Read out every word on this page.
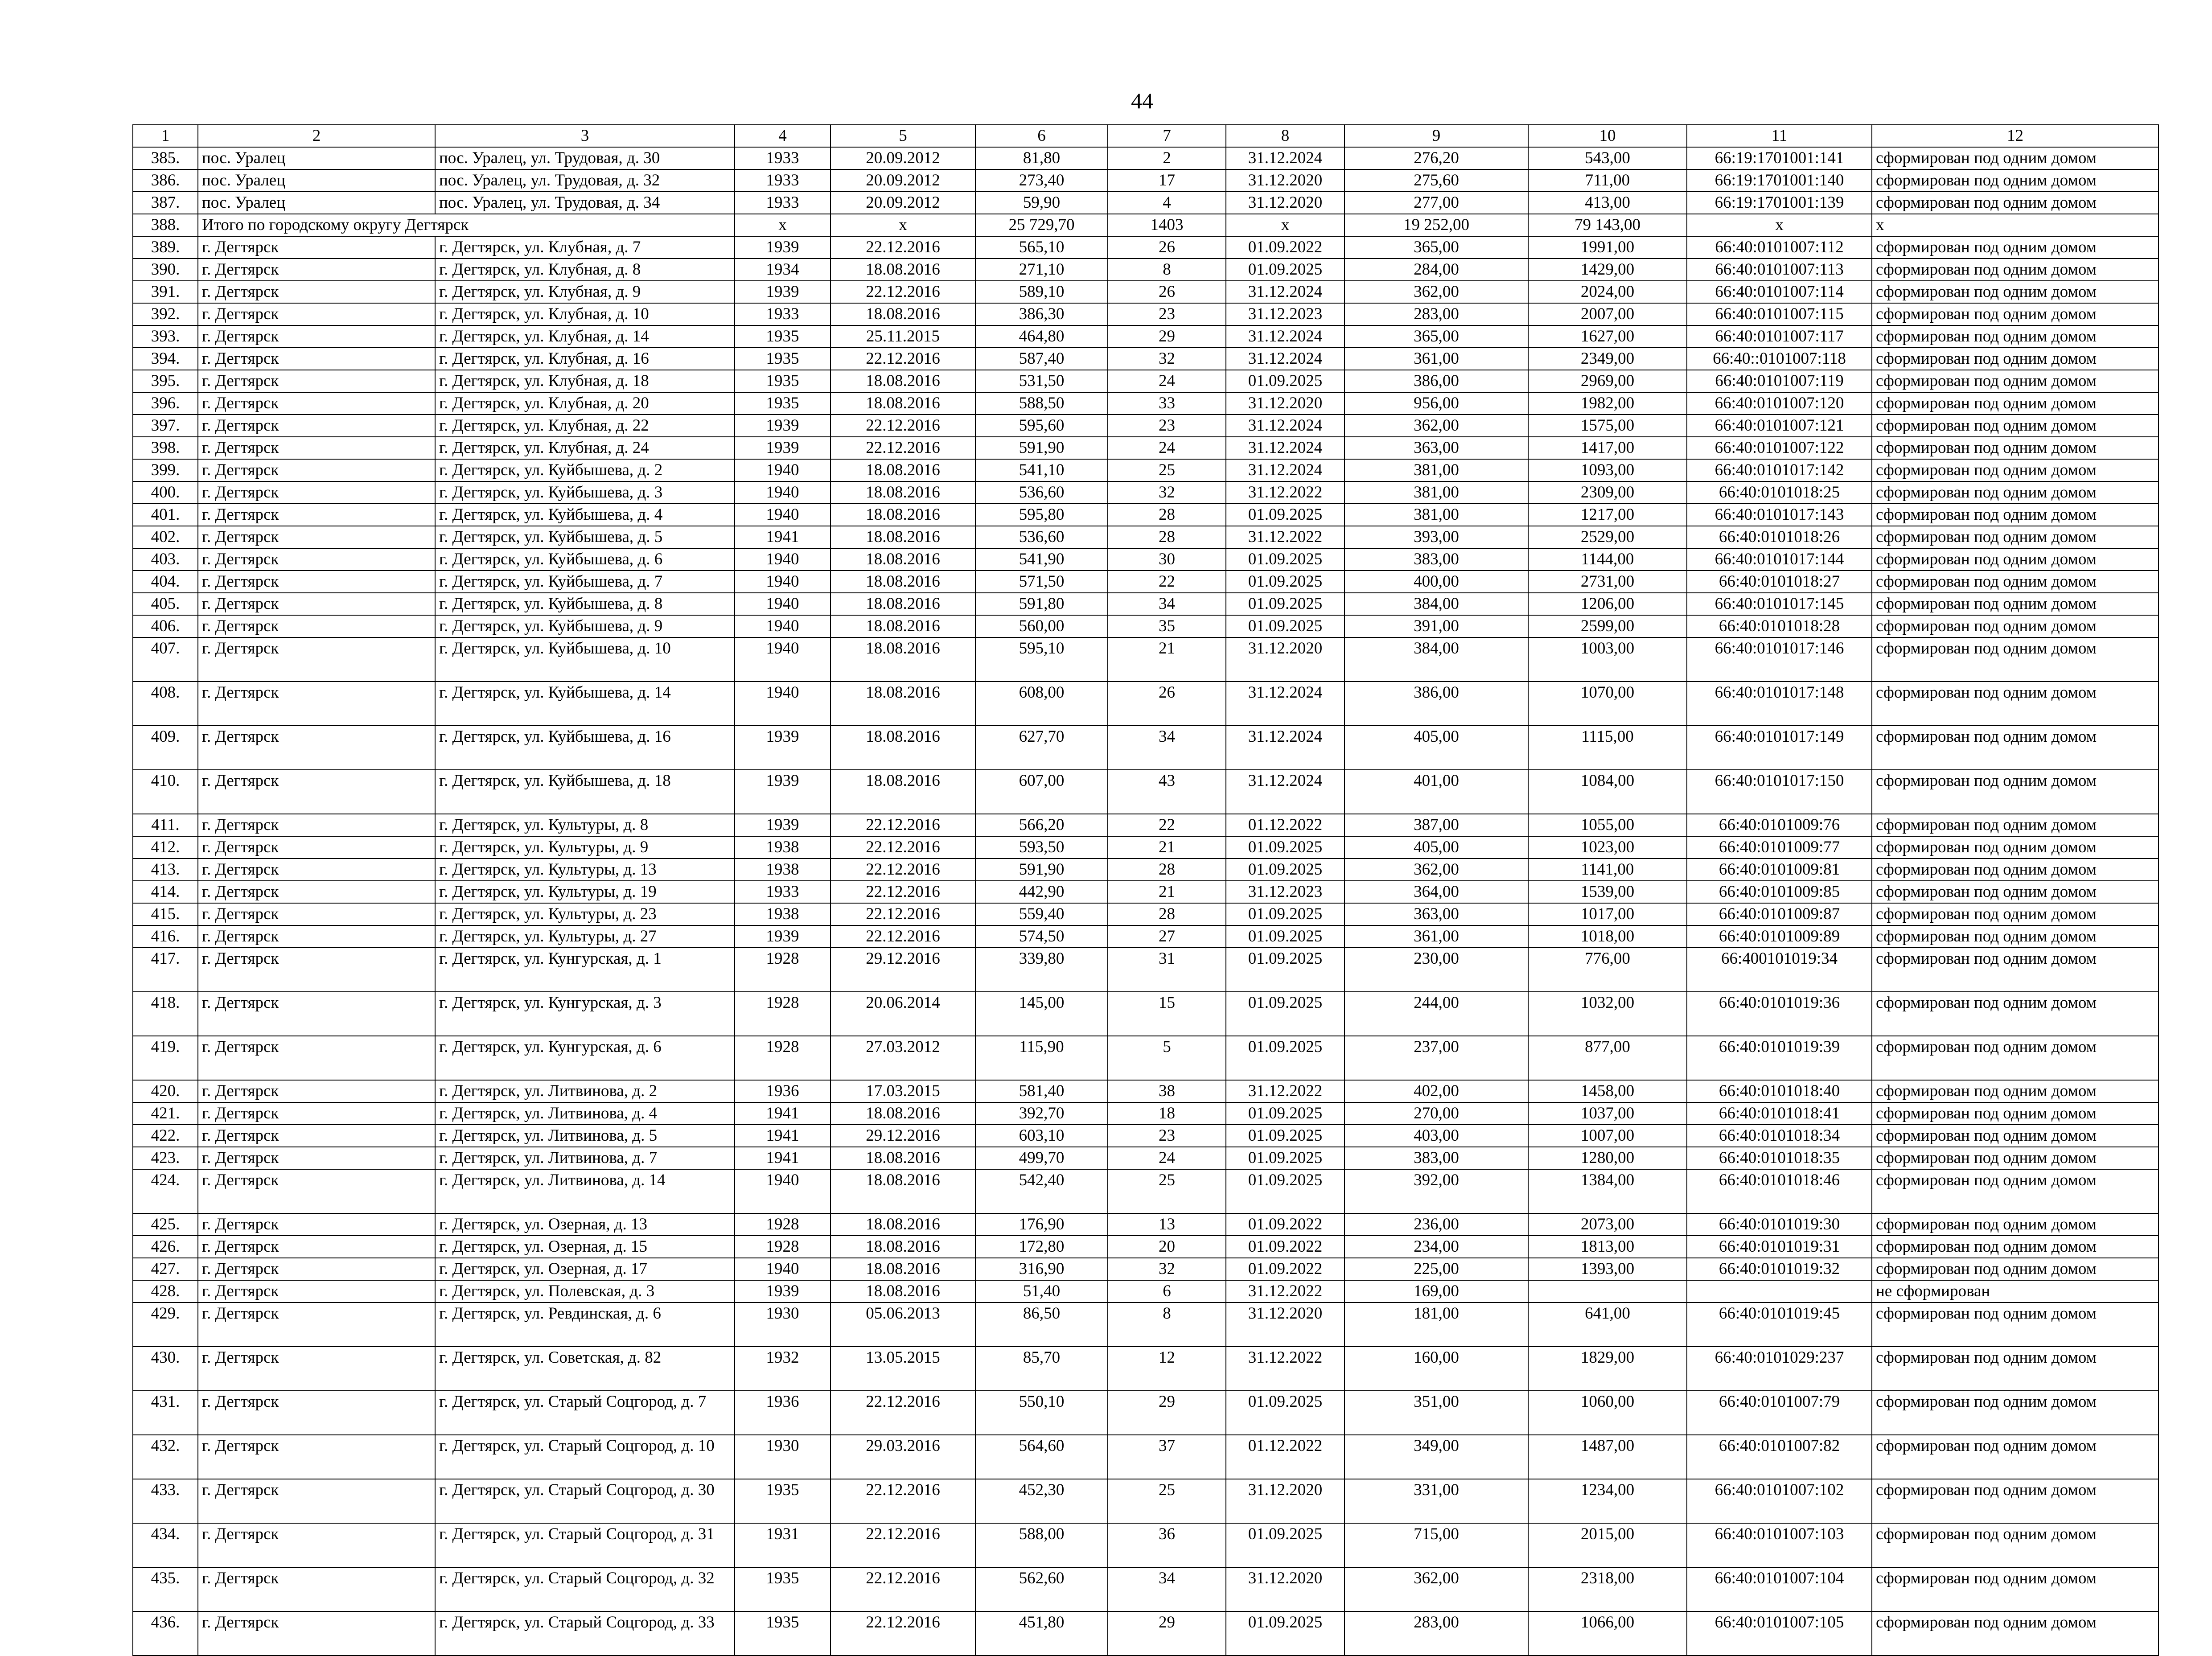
44
1	2	3	4	5	6	7	8	9	10	11	12
385.	пос. Уралец	пос. Уралец, ул. Трудовая, д. 30	1933	20.09.2012	81,80	2	31.12.2024	276,20	543,00	66:19:1701001:141	сформирован под одним домом
386.	пос. Уралец	пос. Уралец, ул. Трудовая, д. 32	1933	20.09.2012	273,40	17	31.12.2020	275,60	711,00	66:19:1701001:140	сформирован под одним домом
387.	пос. Уралец	пос. Уралец, ул. Трудовая, д. 34	1933	20.09.2012	59,90	4	31.12.2020	277,00	413,00	66:19:1701001:139	сформирован под одним домом
388.	Итого по городскому округу Дегтярск		x	x	25 729,70	1403	x	19 252,00	79 143,00	x	x
389.	г. Дегтярск	г. Дегтярск, ул. Клубная, д. 7	1939	22.12.2016	565,10	26	01.09.2022	365,00	1991,00	66:40:0101007:112	сформирован под одним домом
390.	г. Дегтярск	г. Дегтярск, ул. Клубная, д. 8	1934	18.08.2016	271,10	8	01.09.2025	284,00	1429,00	66:40:0101007:113	сформирован под одним домом
391.	г. Дегтярск	г. Дегтярск, ул. Клубная, д. 9	1939	22.12.2016	589,10	26	31.12.2024	362,00	2024,00	66:40:0101007:114	сформирован под одним домом
392.	г. Дегтярск	г. Дегтярск, ул. Клубная, д. 10	1933	18.08.2016	386,30	23	31.12.2023	283,00	2007,00	66:40:0101007:115	сформирован под одним домом
393.	г. Дегтярск	г. Дегтярск, ул. Клубная, д. 14	1935	25.11.2015	464,80	29	31.12.2024	365,00	1627,00	66:40:0101007:117	сформирован под одним домом
394.	г. Дегтярск	г. Дегтярск, ул. Клубная, д. 16	1935	22.12.2016	587,40	32	31.12.2024	361,00	2349,00	66:40::0101007:118	сформирован под одним домом
395.	г. Дегтярск	г. Дегтярск, ул. Клубная, д. 18	1935	18.08.2016	531,50	24	01.09.2025	386,00	2969,00	66:40:0101007:119	сформирован под одним домом
396.	г. Дегтярск	г. Дегтярск, ул. Клубная, д. 20	1935	18.08.2016	588,50	33	31.12.2020	956,00	1982,00	66:40:0101007:120	сформирован под одним домом
397.	г. Дегтярск	г. Дегтярск, ул. Клубная, д. 22	1939	22.12.2016	595,60	23	31.12.2024	362,00	1575,00	66:40:0101007:121	сформирован под одним домом
398.	г. Дегтярск	г. Дегтярск, ул. Клубная, д. 24	1939	22.12.2016	591,90	24	31.12.2024	363,00	1417,00	66:40:0101007:122	сформирован под одним домом
399.	г. Дегтярск	г. Дегтярск, ул. Куйбышева, д. 2	1940	18.08.2016	541,10	25	31.12.2024	381,00	1093,00	66:40:0101017:142	сформирован под одним домом
400.	г. Дегтярск	г. Дегтярск, ул. Куйбышева, д. 3	1940	18.08.2016	536,60	32	31.12.2022	381,00	2309,00	66:40:0101018:25	сформирован под одним домом
401.	г. Дегтярск	г. Дегтярск, ул. Куйбышева, д. 4	1940	18.08.2016	595,80	28	01.09.2025	381,00	1217,00	66:40:0101017:143	сформирован под одним домом
402.	г. Дегтярск	г. Дегтярск, ул. Куйбышева, д. 5	1941	18.08.2016	536,60	28	31.12.2022	393,00	2529,00	66:40:0101018:26	сформирован под одним домом
403.	г. Дегтярск	г. Дегтярск, ул. Куйбышева, д. 6	1940	18.08.2016	541,90	30	01.09.2025	383,00	1144,00	66:40:0101017:144	сформирован под одним домом
404.	г. Дегтярск	г. Дегтярск, ул. Куйбышева, д. 7	1940	18.08.2016	571,50	22	01.09.2025	400,00	2731,00	66:40:0101018:27	сформирован под одним домом
405.	г. Дегтярск	г. Дегтярск, ул. Куйбышева, д. 8	1940	18.08.2016	591,80	34	01.09.2025	384,00	1206,00	66:40:0101017:145	сформирован под одним домом
406.	г. Дегтярск	г. Дегтярск, ул. Куйбышева, д. 9	1940	18.08.2016	560,00	35	01.09.2025	391,00	2599,00	66:40:0101018:28	сформирован под одним домом
407.	г. Дегтярск	г. Дегтярск, ул. Куйбышева, д. 10	1940	18.08.2016	595,10	21	31.12.2020	384,00	1003,00	66:40:0101017:146	сформирован под одним домом
408.	г. Дегтярск	г. Дегтярск, ул. Куйбышева, д. 14	1940	18.08.2016	608,00	26	31.12.2024	386,00	1070,00	66:40:0101017:148	сформирован под одним домом
409.	г. Дегтярск	г. Дегтярск, ул. Куйбышева, д. 16	1939	18.08.2016	627,70	34	31.12.2024	405,00	1115,00	66:40:0101017:149	сформирован под одним домом
410.	г. Дегтярск	г. Дегтярск, ул. Куйбышева, д. 18	1939	18.08.2016	607,00	43	31.12.2024	401,00	1084,00	66:40:0101017:150	сформирован под одним домом
411.	г. Дегтярск	г. Дегтярск, ул. Культуры, д. 8	1939	22.12.2016	566,20	22	01.12.2022	387,00	1055,00	66:40:0101009:76	сформирован под одним домом
412.	г. Дегтярск	г. Дегтярск, ул. Культуры, д. 9	1938	22.12.2016	593,50	21	01.09.2025	405,00	1023,00	66:40:0101009:77	сформирован под одним домом
413.	г. Дегтярск	г. Дегтярск, ул. Культуры, д. 13	1938	22.12.2016	591,90	28	01.09.2025	362,00	1141,00	66:40:0101009:81	сформирован под одним домом
414.	г. Дегтярск	г. Дегтярск, ул. Культуры, д. 19	1933	22.12.2016	442,90	21	31.12.2023	364,00	1539,00	66:40:0101009:85	сформирован под одним домом
415.	г. Дегтярск	г. Дегтярск, ул. Культуры, д. 23	1938	22.12.2016	559,40	28	01.09.2025	363,00	1017,00	66:40:0101009:87	сформирован под одним домом
416.	г. Дегтярск	г. Дегтярск, ул. Культуры, д. 27	1939	22.12.2016	574,50	27	01.09.2025	361,00	1018,00	66:40:0101009:89	сформирован под одним домом
417.	г. Дегтярск	г. Дегтярск, ул. Кунгурская, д. 1	1928	29.12.2016	339,80	31	01.09.2025	230,00	776,00	66:400101019:34	сформирован под одним домом
418.	г. Дегтярск	г. Дегтярск, ул. Кунгурская, д. 3	1928	20.06.2014	145,00	15	01.09.2025	244,00	1032,00	66:40:0101019:36	сформирован под одним домом
419.	г. Дегтярск	г. Дегтярск, ул. Кунгурская, д. 6	1928	27.03.2012	115,90	5	01.09.2025	237,00	877,00	66:40:0101019:39	сформирован под одним домом
420.	г. Дегтярск	г. Дегтярск, ул. Литвинова, д. 2	1936	17.03.2015	581,40	38	31.12.2022	402,00	1458,00	66:40:0101018:40	сформирован под одним домом
421.	г. Дегтярск	г. Дегтярск, ул. Литвинова, д. 4	1941	18.08.2016	392,70	18	01.09.2025	270,00	1037,00	66:40:0101018:41	сформирован под одним домом
422.	г. Дегтярск	г. Дегтярск, ул. Литвинова, д. 5	1941	29.12.2016	603,10	23	01.09.2025	403,00	1007,00	66:40:0101018:34	сформирован под одним домом
423.	г. Дегтярск	г. Дегтярск, ул. Литвинова, д. 7	1941	18.08.2016	499,70	24	01.09.2025	383,00	1280,00	66:40:0101018:35	сформирован под одним домом
424.	г. Дегтярск	г. Дегтярск, ул. Литвинова, д. 14	1940	18.08.2016	542,40	25	01.09.2025	392,00	1384,00	66:40:0101018:46	сформирован под одним домом
425.	г. Дегтярск	г. Дегтярск, ул. Озерная, д. 13	1928	18.08.2016	176,90	13	01.09.2022	236,00	2073,00	66:40:0101019:30	сформирован под одним домом
426.	г. Дегтярск	г. Дегтярск, ул. Озерная, д. 15	1928	18.08.2016	172,80	20	01.09.2022	234,00	1813,00	66:40:0101019:31	сформирован под одним домом
427.	г. Дегтярск	г. Дегтярск, ул. Озерная, д. 17	1940	18.08.2016	316,90	32	01.09.2022	225,00	1393,00	66:40:0101019:32	сформирован под одним домом
428.	г. Дегтярск	г. Дегтярск, ул. Полевская, д. 3	1939	18.08.2016	51,40	6	31.12.2022	169,00			не сформирован
429.	г. Дегтярск	г. Дегтярск, ул. Ревдинская, д. 6	1930	05.06.2013	86,50	8	31.12.2020	181,00	641,00	66:40:0101019:45	сформирован под одним домом
430.	г. Дегтярск	г. Дегтярск, ул. Советская, д. 82	1932	13.05.2015	85,70	12	31.12.2022	160,00	1829,00	66:40:0101029:237	сформирован под одним домом
431.	г. Дегтярск	г. Дегтярск, ул. Старый Соцгород, д. 7	1936	22.12.2016	550,10	29	01.09.2025	351,00	1060,00	66:40:0101007:79	сформирован под одним домом
432.	г. Дегтярск	г. Дегтярск, ул. Старый Соцгород, д. 10	1930	29.03.2016	564,60	37	01.12.2022	349,00	1487,00	66:40:0101007:82	сформирован под одним домом
433.	г. Дегтярск	г. Дегтярск, ул. Старый Соцгород, д. 30	1935	22.12.2016	452,30	25	31.12.2020	331,00	1234,00	66:40:0101007:102	сформирован под одним домом
434.	г. Дегтярск	г. Дегтярск, ул. Старый Соцгород, д. 31	1931	22.12.2016	588,00	36	01.09.2025	715,00	2015,00	66:40:0101007:103	сформирован под одним домом
435.	г. Дегтярск	г. Дегтярск, ул. Старый Соцгород, д. 32	1935	22.12.2016	562,60	34	31.12.2020	362,00	2318,00	66:40:0101007:104	сформирован под одним домом
436.	г. Дегтярск	г. Дегтярск, ул. Старый Соцгород, д. 33	1935	22.12.2016	451,80	29	01.09.2025	283,00	1066,00	66:40:0101007:105	сформирован под одним домом
